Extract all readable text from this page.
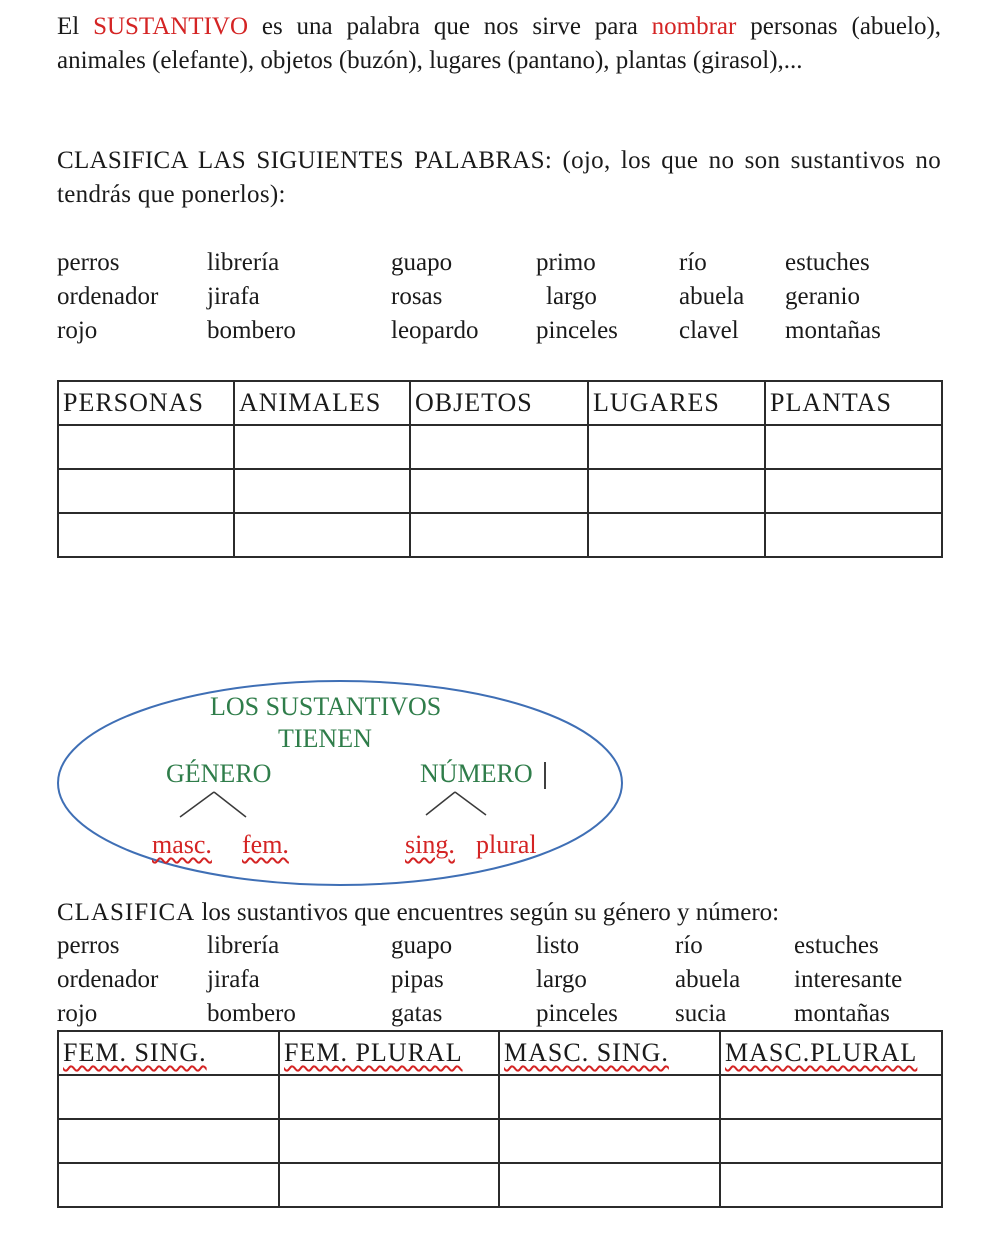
El SUSTANTIVO es una palabra que nos sirve para nombrar personas (abuelo), animales (elefante), objetos (buzón), lugares (pantano), plantas (girasol),...

CLASIFICA LAS SIGUIENTES PALABRAS: (ojo, los que no son sustantivos no tendrás que ponerlos):

perros	librería	guapo	primo	río	estuches
ordenador	jirafa	rosas	largo	abuela	geranio
rojo	bombero	leopardo	pinceles	clavel	montañas
PERSONAS	ANIMALES	OBJETOS	LUGARES	PLANTAS

LOS SUSTANTIVOS
TIENEN
GÉNERO	NÚMERO
masc. fem.	sing. plural
CLASIFICA los sustantivos que encuentres según su género y número:
perros	librería	guapo	listo	río	estuches
ordenador	jirafa	pipas	largo	abuela	interesante
rojo	bombero	gatas	pinceles	sucia	montañas
FEM. SING.	FEM. PLURAL	MASC. SING.	MASC.PLURAL
